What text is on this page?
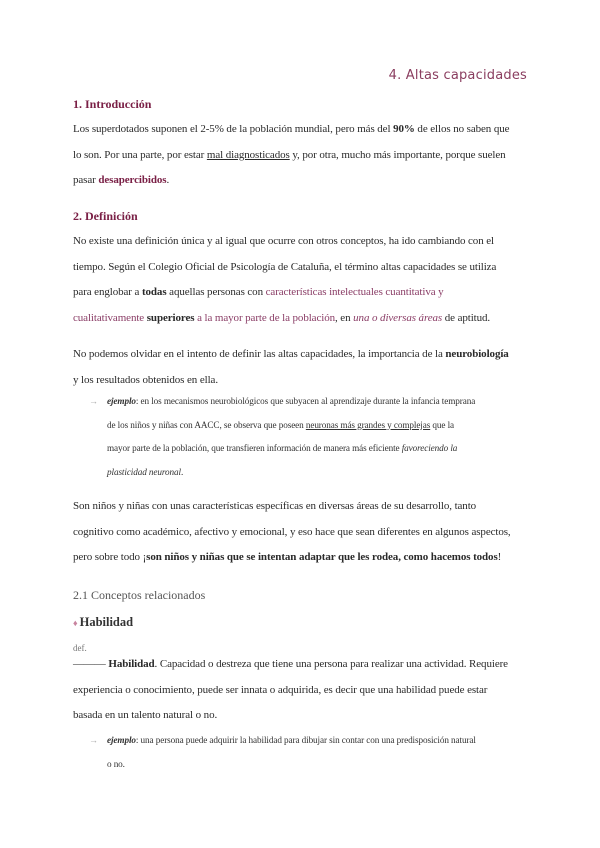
4. Altas capacidades
1. Introducción
Los superdotados suponen el 2-5% de la población mundial, pero más del 90% de ellos no saben que
lo son. Por una parte, por estar mal diagnosticados y, por otra, mucho más importante, porque suelen
pasar desapercibidos.
2. Definición
No existe una definición única y al igual que ocurre con otros conceptos, ha ido cambiando con el
tiempo. Según el Colegio Oficial de Psicología de Cataluña, el término altas capacidades se utiliza
para englobar a todas aquellas personas con características intelectuales cuantitativa y
cualitativamente superiores a la mayor parte de la población, en una o diversas áreas de aptitud.
No podemos olvidar en el intento de definir las altas capacidades, la importancia de la neurobiología
y los resultados obtenidos en ella.
→ ejemplo: en los mecanismos neurobiológicos que subyacen al aprendizaje durante la infancia temprana
de los niños y niñas con AACC, se observa que poseen neuronas más grandes y complejas que la
mayor parte de la población, que transfieren información de manera más eficiente favoreciendo la
plasticidad neuronal.
Son niños y niñas con unas características específicas en diversas áreas de su desarrollo, tanto
cognitivo como académico, afectivo y emocional, y eso hace que sean diferentes en algunos aspectos,
pero sobre todo ¡son niños y niñas que se intentan adaptar que les rodea, como hacemos todos!
2.1 Conceptos relacionados
♦ Habilidad
def.
——— Habilidad. Capacidad o destreza que tiene una persona para realizar una actividad. Requiere
experiencia o conocimiento, puede ser innata o adquirida, es decir que una habilidad puede estar
basada en un talento natural o no.
→ ejemplo: una persona puede adquirir la habilidad para dibujar sin contar con una predisposición natural
o no.
